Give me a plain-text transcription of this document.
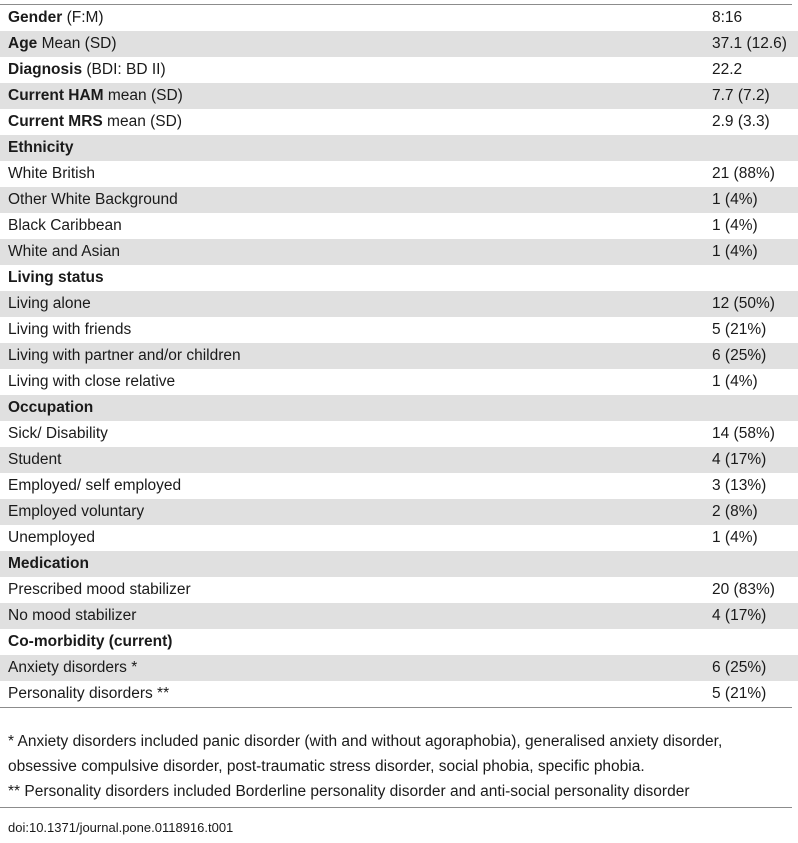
Gender (F:M)	8:16
Age Mean (SD)	37.1 (12.6)
Diagnosis (BDI: BD II)	22.2
Current HAM mean (SD)	7.7 (7.2)
Current MRS mean (SD)	2.9 (3.3)
Ethnicity	
White British	21 (88%)
Other White Background	1 (4%)
Black Caribbean	1 (4%)
White and Asian	1 (4%)
Living status	
Living alone	12 (50%)
Living with friends	5 (21%)
Living with partner and/or children	6 (25%)
Living with close relative	1 (4%)
Occupation	
Sick/ Disability	14 (58%)
Student	4 (17%)
Employed/ self employed	3 (13%)
Employed voluntary	2 (8%)
Unemployed	1 (4%)
Medication	
Prescribed mood stabilizer	20 (83%)
No mood stabilizer	4 (17%)
Co-morbidity (current)	
Anxiety disorders *	6 (25%)
Personality disorders **	5 (21%)

* Anxiety disorders included panic disorder (with and without agoraphobia), generalised anxiety disorder,

obsessive compulsive disorder, post-traumatic stress disorder, social phobia, specific phobia.

** Personality disorders included Borderline personality disorder and anti-social personality disorder

doi:10.1371/journal.pone.0118916.t001
